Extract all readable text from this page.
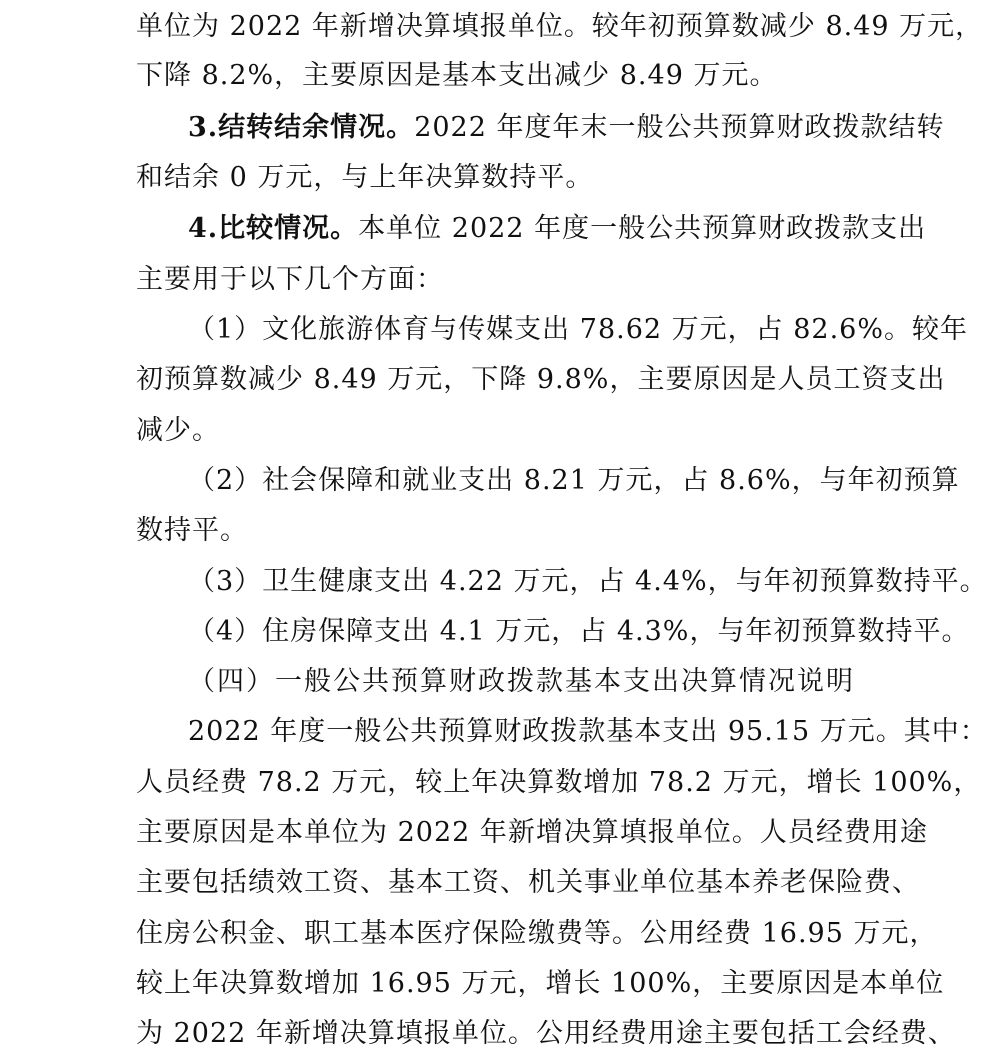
单位为 2022 年新增决算填报单位。较年初预算数减少 8.49 万元，
下降 8.2%，主要原因是基本支出减少 8.49 万元。
3.结转结余情况。2022 年度年末一般公共预算财政拨款结转
和结余 0 万元，与上年决算数持平。
4.比较情况。本单位 2022 年度一般公共预算财政拨款支出
主要用于以下几个方面：
（1）文化旅游体育与传媒支出 78.62 万元，占 82.6%。较年
初预算数减少 8.49 万元，下降 9.8%，主要原因是人员工资支出
减少。
（2）社会保障和就业支出 8.21 万元，占 8.6%，与年初预算
数持平。
（3）卫生健康支出 4.22 万元，占 4.4%，与年初预算数持平。
（4）住房保障支出 4.1 万元，占 4.3%，与年初预算数持平。
（四）一般公共预算财政拨款基本支出决算情况说明
2022 年度一般公共预算财政拨款基本支出 95.15 万元。其中：
人员经费 78.2 万元，较上年决算数增加 78.2 万元，增长 100%，
主要原因是本单位为 2022 年新增决算填报单位。人员经费用途
主要包括绩效工资、基本工资、机关事业单位基本养老保险费、
住房公积金、职工基本医疗保险缴费等。公用经费 16.95 万元，
较上年决算数增加 16.95 万元，增长 100%，主要原因是本单位
为 2022 年新增决算填报单位。公用经费用途主要包括工会经费、
